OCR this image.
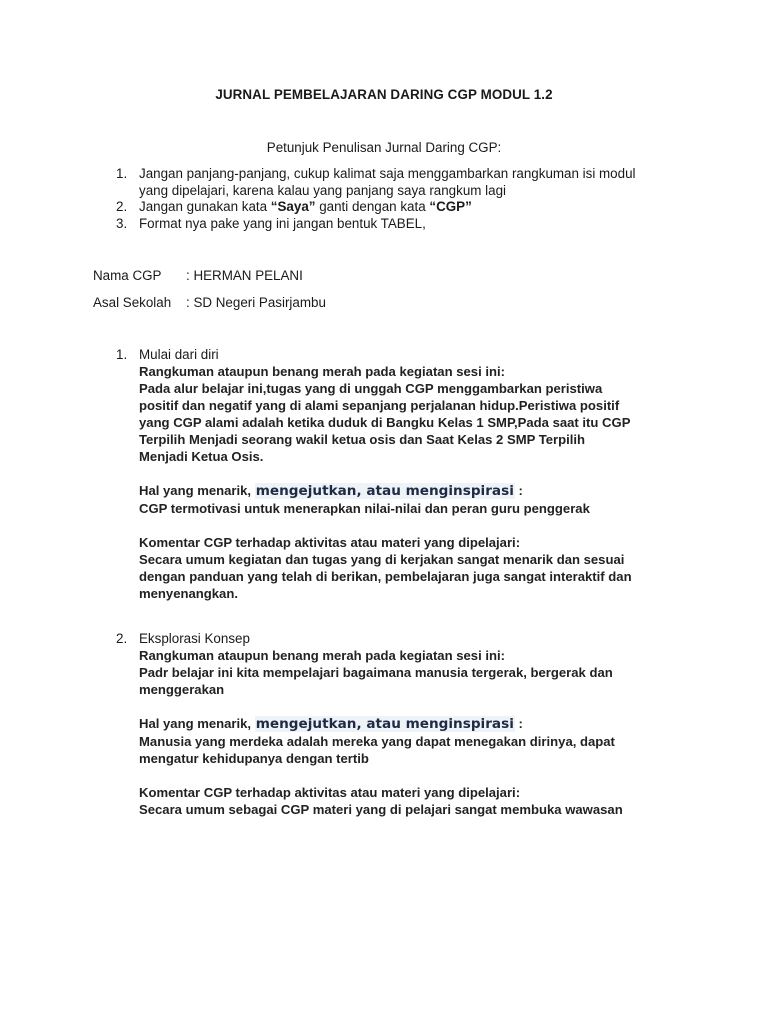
JURNAL PEMBELAJARAN DARING CGP MODUL 1.2
Petunjuk Penulisan Jurnal Daring CGP:
1. Jangan panjang-panjang, cukup kalimat saja menggambarkan rangkuman isi modul
yang dipelajari, karena kalau yang panjang saya rangkum lagi
2. Jangan gunakan kata “Saya” ganti dengan kata “CGP”
3. Format nya pake yang ini jangan bentuk TABEL,
Nama CGP : HERMAN PELANI
Asal Sekolah : SD Negeri Pasirjambu
1. Mulai dari diri

Rangkuman ataupun benang merah pada kegiatan sesi ini:

Pada alur belajar ini,tugas yang di unggah CGP menggambarkan peristiwa

positif dan negatif yang di alami sepanjang perjalanan hidup.Peristiwa positif

yang CGP alami adalah ketika duduk di Bangku Kelas 1 SMP,Pada saat itu CGP

Terpilih Menjadi seorang wakil ketua osis dan Saat Kelas 2 SMP Terpilih

Menjadi Ketua Osis.

Hal yang menarik, mengejutkan, atau menginspirasi :

CGP termotivasi untuk menerapkan nilai-nilai dan peran guru penggerak

Komentar CGP terhadap aktivitas atau materi yang dipelajari:

Secara umum kegiatan dan tugas yang di kerjakan sangat menarik dan sesuai

dengan panduan yang telah di berikan, pembelajaran juga sangat interaktif dan

menyenangkan.

2. Eksplorasi Konsep

Rangkuman ataupun benang merah pada kegiatan sesi ini:

Padr belajar ini kita mempelajari bagaimana manusia tergerak, bergerak dan

menggerakan

Hal yang menarik, mengejutkan, atau menginspirasi :

Manusia yang merdeka adalah mereka yang dapat menegakan dirinya, dapat

mengatur kehidupanya dengan tertib

Komentar CGP terhadap aktivitas atau materi yang dipelajari:

Secara umum sebagai CGP materi yang di pelajari sangat membuka wawasan
